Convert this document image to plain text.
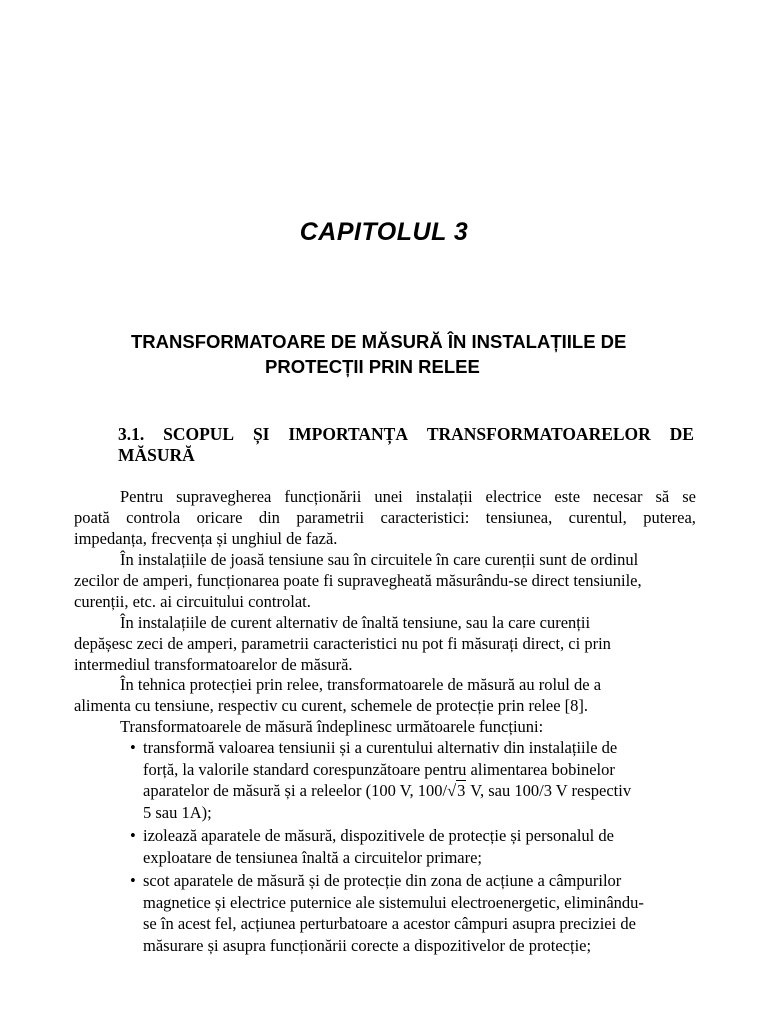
CAPITOLUL 3
TRANSFORMATOARE DE MĂSURĂ ÎN INSTALAȚIILE DE
PROTECȚII PRIN RELEE
3.1. SCOPUL ȘI IMPORTANȚA TRANSFORMATOARELOR DE
MĂSURĂ
Pentru supravegherea funcționării unei instalații electrice este necesar să se
poată controla oricare din parametrii caracteristici: tensiunea, curentul, puterea,
impedanța, frecvența și unghiul de fază.
În instalațiile de joasă tensiune sau în circuitele în care curenții sunt de ordinul
zecilor de amperi, funcționarea poate fi supravegheată măsurându-se direct tensiunile,
curenții, etc. ai circuitului controlat.
În instalațiile de curent alternativ de înaltă tensiune, sau la care curenții
depășesc zeci de amperi, parametrii caracteristici nu pot fi măsurați direct, ci prin
intermediul transformatoarelor de măsură.
În tehnica protecției prin relee, transformatoarele de măsură au rolul de a
alimenta cu tensiune, respectiv cu curent, schemele de protecție prin relee [8].
Transformatoarele de măsură îndeplinesc următoarele funcțiuni:
• transformă valoarea tensiunii și a curentului alternativ din instalațiile de
forță, la valorile standard corespunzătoare pentru alimentarea bobinelor
aparatelor de măsură și a releelor (100 V, 100/√3 V, sau 100/3 V respectiv
5 sau 1A);
• izolează aparatele de măsură, dispozitivele de protecție și personalul de
exploatare de tensiunea înaltă a circuitelor primare;
• scot aparatele de măsură și de protecție din zona de acțiune a câmpurilor
magnetice și electrice puternice ale sistemului electroenergetic, eliminându-
se în acest fel, acțiunea perturbatoare a acestor câmpuri asupra preciziei de
măsurare și asupra funcționării corecte a dispozitivelor de protecție;
